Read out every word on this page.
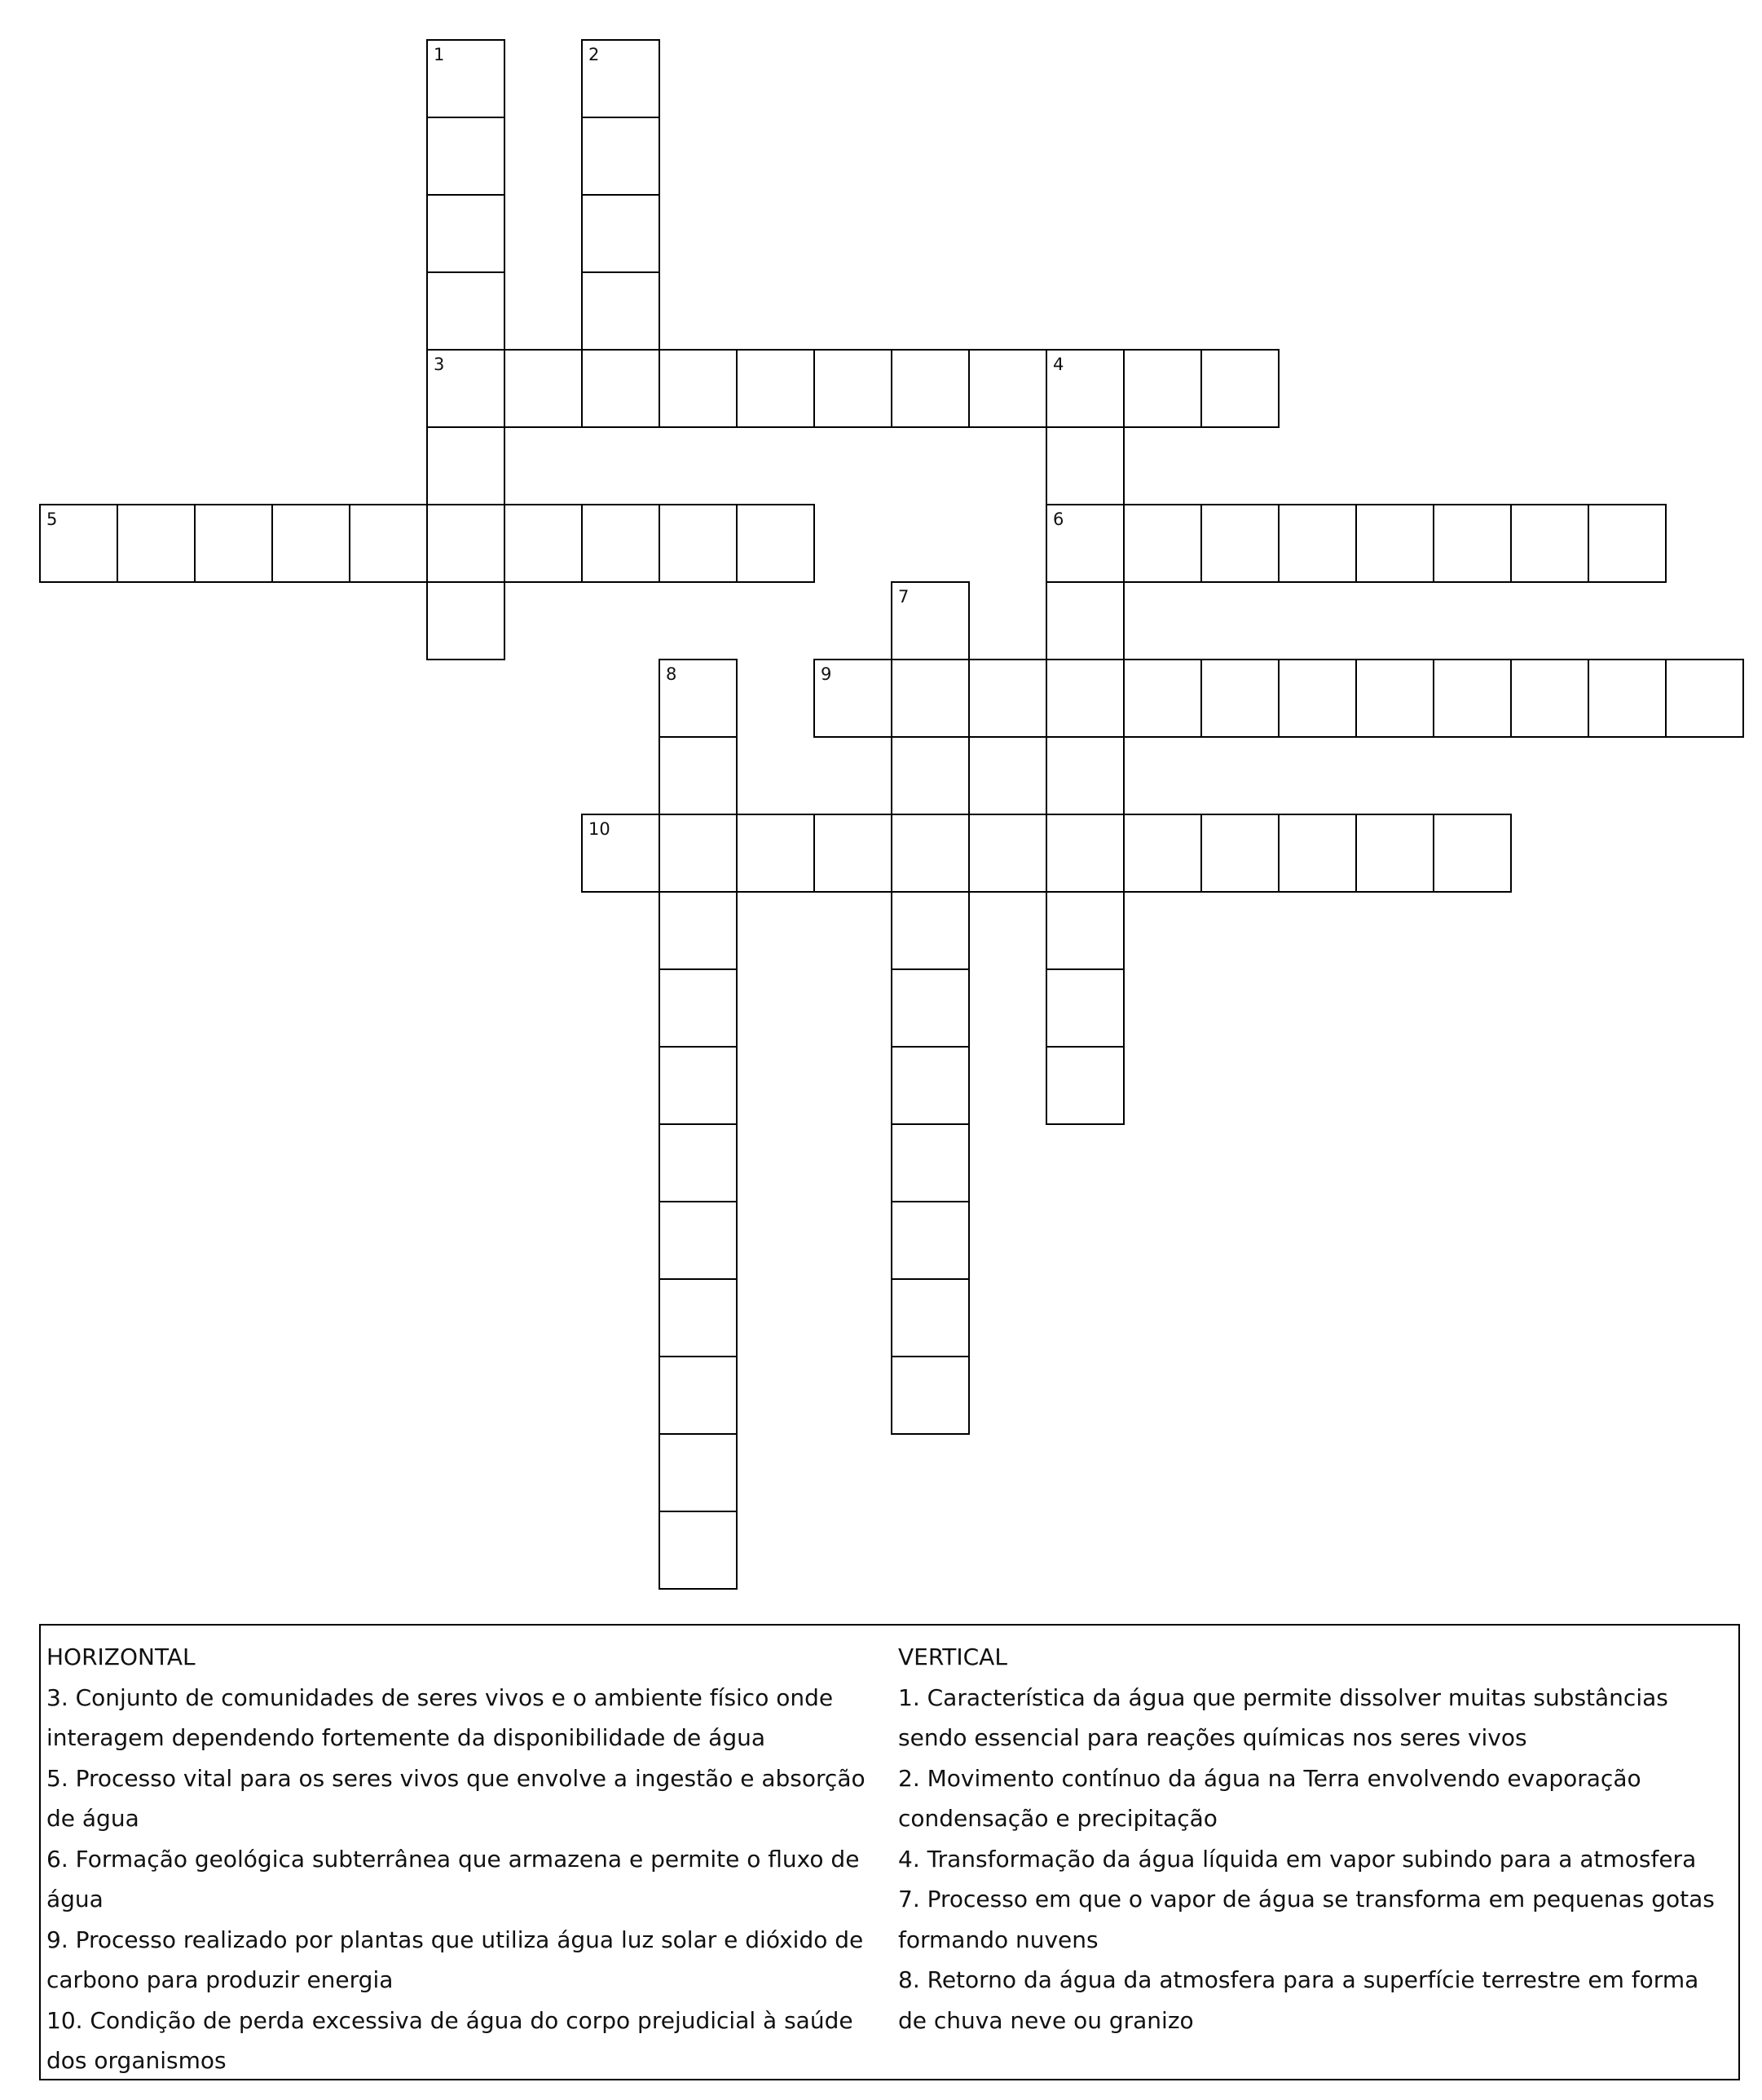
1
3
2
4
6
5
7
8	9
10
HORIZONTAL
3. Conjunto de comunidades de seres vivos e o ambiente físico onde interagem dependendo fortemente da disponibilidade de água
5. Processo vital para os seres vivos que envolve a ingestão e absorção de água
6. Formação geológica subterrânea que armazena e permite o fluxo de água
9. Processo realizado por plantas que utiliza água luz solar e dióxido de carbono para produzir energia
10. Condição de perda excessiva de água do corpo prejudicial à saúde dos organismos
VERTICAL
1. Característica da água que permite dissolver muitas substâncias sendo essencial para reações químicas nos seres vivos
2. Movimento contínuo da água na Terra envolvendo evaporação condensação e precipitação
4. Transformação da água líquida em vapor subindo para a atmosfera
7. Processo em que o vapor de água se transforma em pequenas gotas formando nuvens
8. Retorno da água da atmosfera para a superfície terrestre em forma de chuva neve ou granizo
